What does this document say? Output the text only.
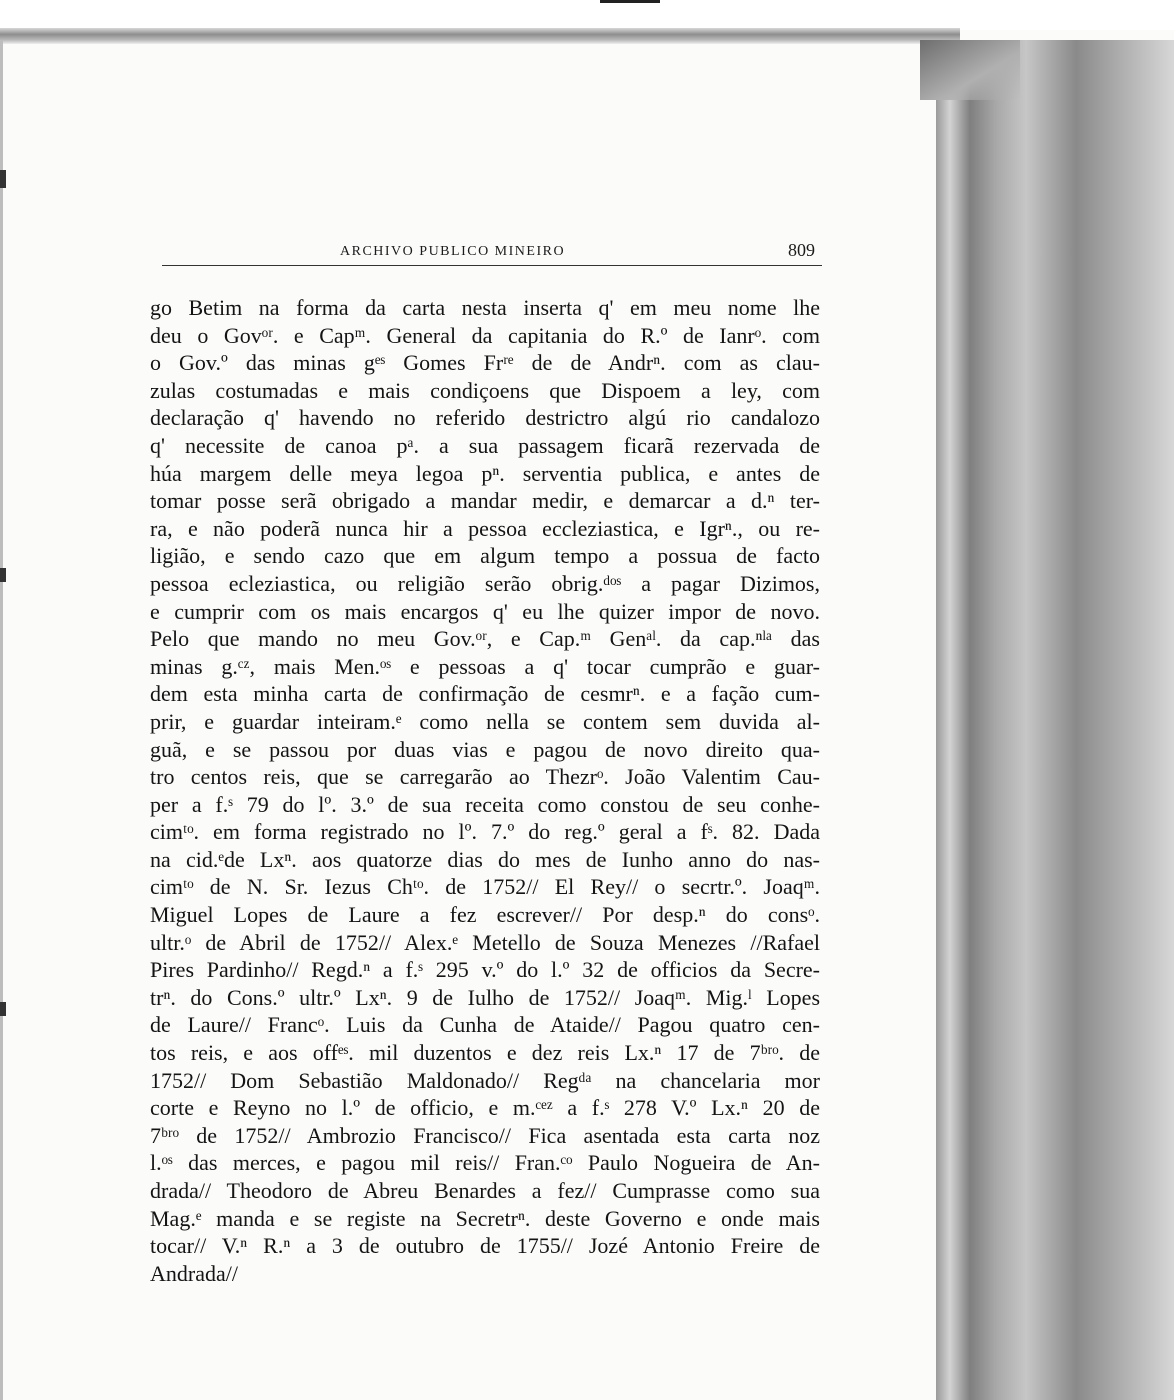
ARCHIVO PUBLICO MINEIRO	809
go Betim na forma da carta nesta inserta q' em meu nome lhe
deu o Govᵒʳ. e Capᵐ. General da capitania do R.º de Ianrᵒ. com
o Gov.º das minas gᵉˢ Gomes Frʳᵉ de de Andrⁿ. com as clau-
zulas costumadas e mais condiçoens que Dispoem a ley, com
declaração q' havendo no referido destrictro algú rio candalozo
q' necessite de canoa pᵃ. a sua passagem ficarã rezervada de
húa margem delle meya legoa pⁿ. serventia publica, e antes de
tomar posse serã obrigado a mandar medir, e demarcar a d.ⁿ ter-
ra, e não poderã nunca hir a pessoa eccleziastica, e Igrⁿ., ou re-
ligião, e sendo cazo que em algum tempo a possua de facto
pessoa ecleziastica, ou religião serão obrig.ᵈᵒˢ a pagar Dizimos,
e cumprir com os mais encargos q' eu lhe quizer impor de novo.
Pelo que mando no meu Gov.ᵒʳ, e Cap.ᵐ Genᵃˡ. da cap.ⁿˡᵃ das
minas g.ᶜᶻ, mais Men.ᵒˢ e pessoas a q' tocar cumprão e guar-
dem esta minha carta de confirmação de cesmrⁿ. e a fação cum-
prir, e guardar inteiram.ᵉ como nella se contem sem duvida al-
guã, e se passou por duas vias e pagou de novo direito qua-
tro centos reis, que se carregarão ao Thezrᵒ. João Valentim Cau-
per a f.ˢ 79 do lº. 3.º de sua receita como constou de seu conhe-
cimᵗᵒ. em forma registrado no lº. 7.º do reg.º geral a fˢ. 82. Dada
na cid.ᵉde Lxⁿ. aos quatorze dias do mes de Iunho anno do nas-
cimᵗᵒ de N. Sr. Iezus Chᵗᵒ. de 1752// El Rey// o secrtr.º. Joaqᵐ.
Miguel Lopes de Laure a fez escrever// Por desp.ⁿ do consᵒ.
ultr.ᵒ de Abril de 1752// Alex.ᵉ Metello de Souza Menezes //Rafael
Pires Pardinho// Regd.ⁿ a f.ˢ 295 v.º do l.º 32 de officios da Secre-
trⁿ. do Cons.º ultr.º Lxⁿ. 9 de Iulho de 1752// Joaqᵐ. Mig.ˡ Lopes
de Laure// Francᵒ. Luis da Cunha de Ataide// Pagou quatro cen-
tos reis, e aos offᵉˢ. mil duzentos e dez reis Lx.ⁿ 17 de 7ᵇʳᵒ. de
1752// Dom Sebastião Maldonado// Regᵈᵃ na chancelaria mor
corte e Reyno no l.º de officio, e m.ᶜᵉᶻ a f.ˢ 278 V.º Lx.ⁿ 20 de
7ᵇʳᵒ de 1752// Ambrozio Francisco// Fica asentada esta carta noz
l.ᵒˢ das merces, e pagou mil reis// Fran.ᶜᵒ Paulo Nogueira de An-
drada// Theodoro de Abreu Benardes a fez// Cumprasse como sua
Mag.ᵉ manda e se registe na Secretrⁿ. deste Governo e onde mais
tocar// V.ⁿ R.ⁿ a 3 de outubro de 1755// Jozé Antonio Freire de
Andrada//
